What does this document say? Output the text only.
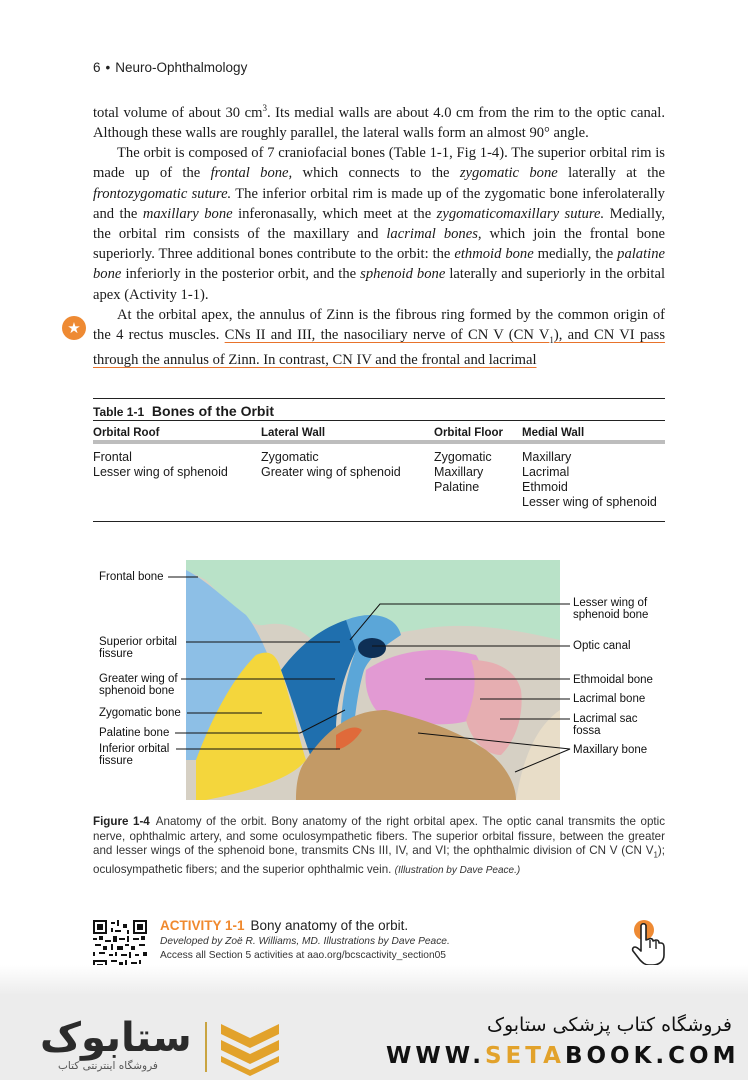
6 • Neuro-Ophthalmology

total volume of about 30 $cm^3$. Its medial walls are about 4.0 cm from the rim to the optic canal. Although these walls are roughly parallel, the lateral walls form an almost 90° angle.

The orbit is composed of 7 craniofacial bones (Table 1-1, Fig 1-4). The superior orbital rim is made up of the frontal bone, which connects to the zygomatic bone laterally at the frontozygomatic suture. The inferior orbital rim is made up of the zygomatic bone inferolaterally and the maxillary bone inferonasally, which meet at the zygomaticomaxillary suture. Medially, the orbital rim consists of the maxillary and lacrimal bones, which join the frontal bone superiorly. Three additional bones contribute to the orbit: the ethmoid bone medially, the palatine bone inferiorly in the posterior orbit, and the sphenoid bone laterally and superiorly in the orbital apex (Activity 1-1).

At the orbital apex, the annulus of Zinn is the fibrous ring formed by the common origin of the 4 rectus muscles. CNs II and III, the nasociliary nerve of CN V (CN $V_1$), and CN VI pass through the annulus of Zinn. In contrast, CN IV and the frontal and lacrimal

★
Table 1-1 Bones of the Orbit
Orbital Roof	Lateral Wall	Orbital Floor Medial Wall
Frontal
Lesser wing of sphenoid
Zygomatic
Greater wing of sphenoid
Zygomatic
Maxillary
Palatine
Maxillary
Lacrimal
Ethmoid
Lesser wing of sphenoid
Frontal bone
Superior orbital fissure
Greater wing of sphenoid bone
Zygomatic bone
Palatine bone
Inferior orbital fissure
Lesser wing of sphenoid bone
Optic canal
Ethmoidal bone
Lacrimal bone
Lacrimal sac fossa
Maxillary bone
Figure 1-4 Anatomy of the orbit. Bony anatomy of the right orbital apex. The optic canal transmits the optic nerve, ophthalmic artery, and some oculosympathetic fibers. The superior orbital fissure, between the greater and lesser wings of the sphenoid bone, transmits CNs III, IV, and VI; the ophthalmic division of CN V (CN $V_1$); oculosympathetic fibers; and the superior ophthalmic vein. (Illustration by Dave Peace.)
ACTIVITY 1-1 Bony anatomy of the orbit.
Developed by Zoë R. Williams, MD. Illustrations by Dave Peace.
Access all Section 5 activities at aao.org/bcscactivity_section05
ستابوک
فروشگاه اینترنتی کتاب
فروشگاه کتاب پزشکی ستابوک
WWW.SETABOOK.COM
